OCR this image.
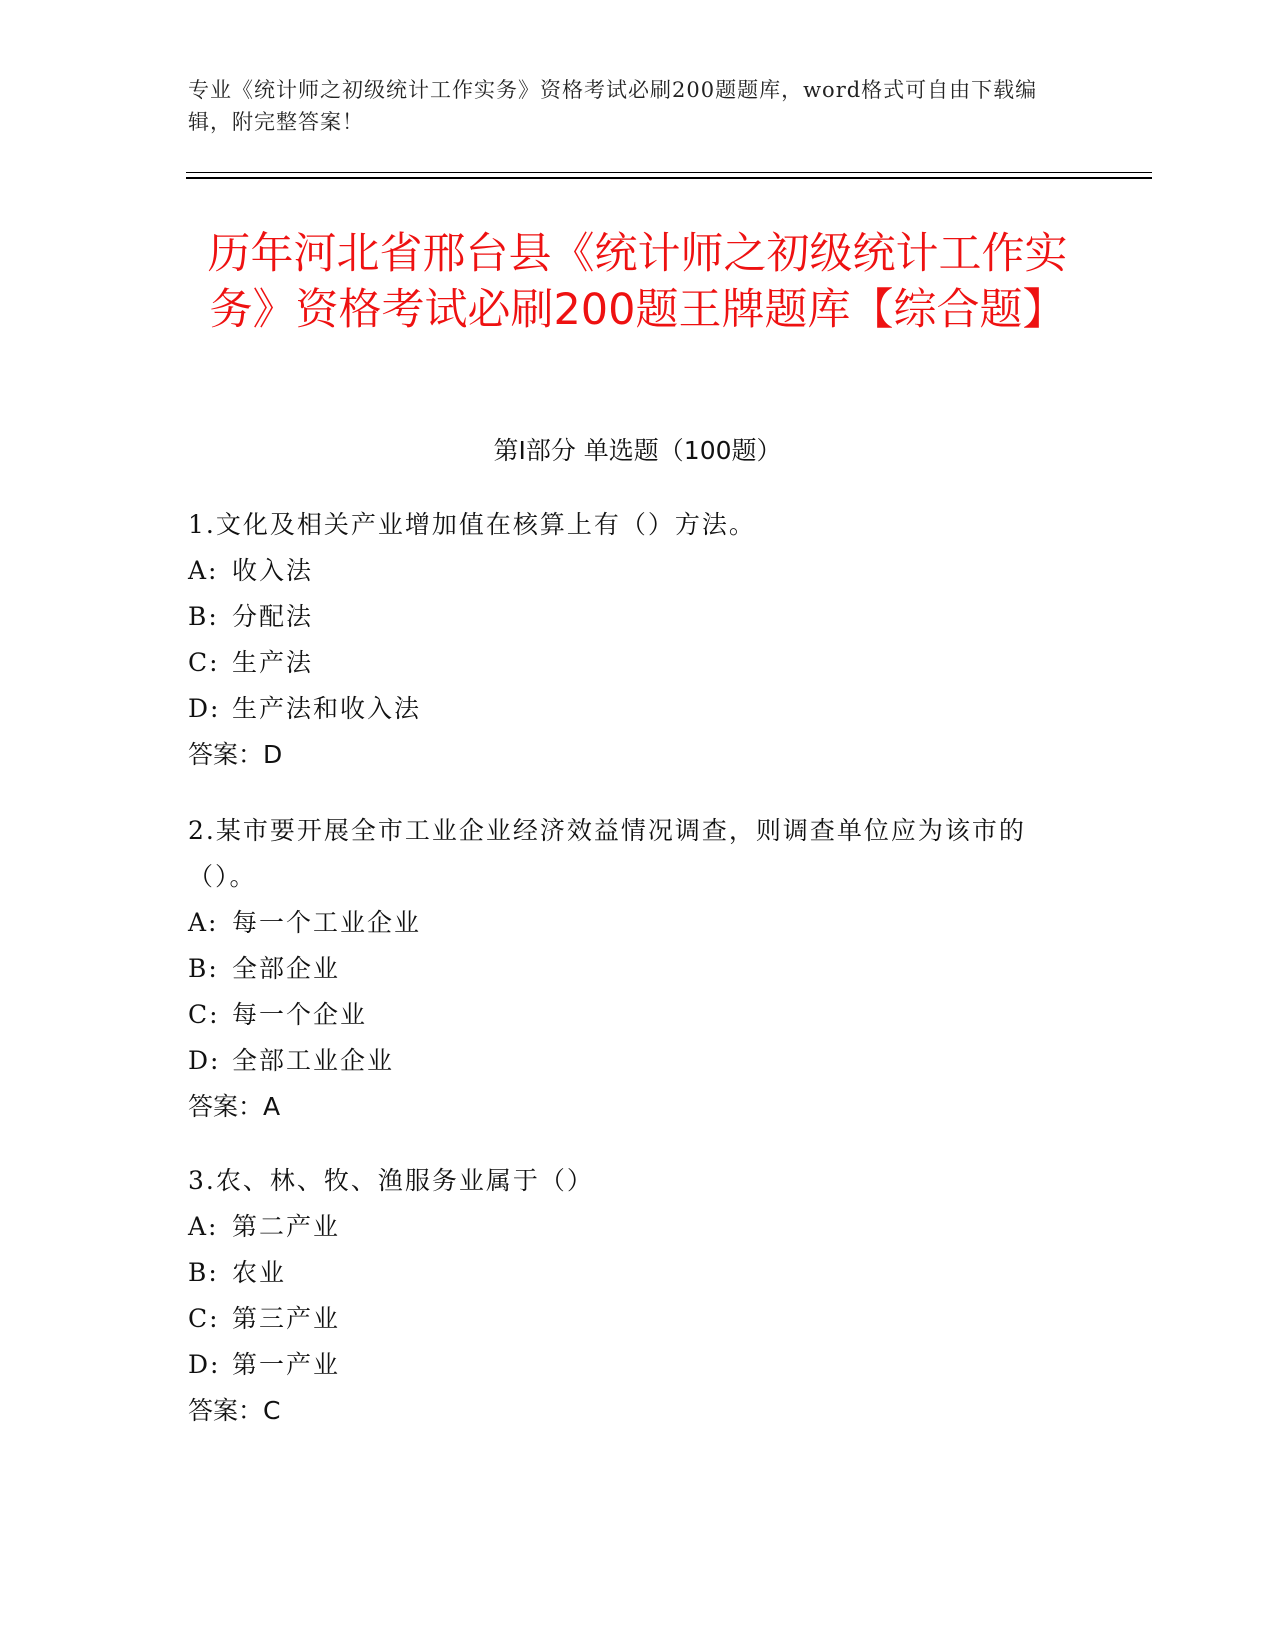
专业《统计师之初级统计工作实务》资格考试必刷200题题库，word格式可自由下载编辑，附完整答案！
历年河北省邢台县《统计师之初级统计工作实务》资格考试必刷200题王牌题库【综合题】
第I部分 单选题（100题）

1.文化及相关产业增加值在核算上有（）方法。

A: 收入法

B: 分配法

C: 生产法

D: 生产法和收入法

答案：D

2.某市要开展全市工业企业经济效益情况调查，则调查单位应为该市的（）。

A: 每一个工业企业

B: 全部企业

C: 每一个企业

D: 全部工业企业

答案：A

3.农、林、牧、渔服务业属于（）

A: 第二产业

B: 农业

C: 第三产业

D: 第一产业

答案：C
